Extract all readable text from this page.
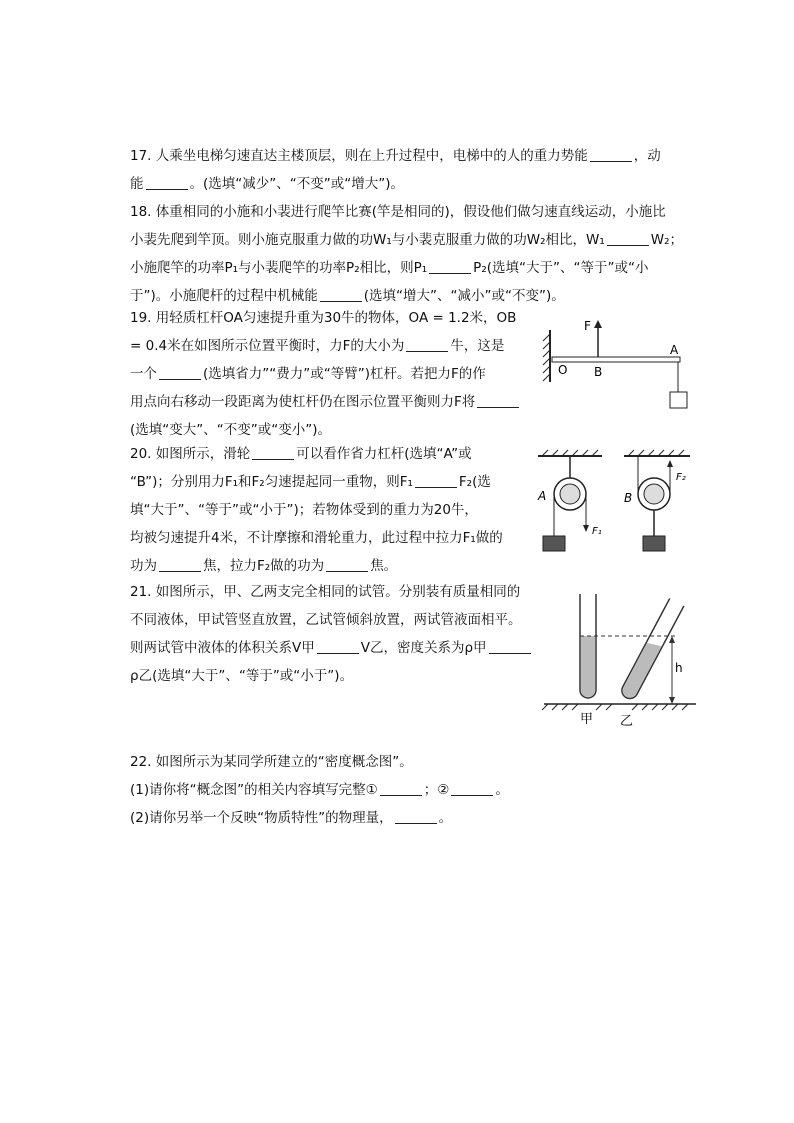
17. 人乘坐电梯匀速直达主楼顶层，则在上升过程中，电梯中的人的重力势能	，动
能	。(选填“减少”、“不变”或“增大”)。
18. 体重相同的小施和小裴进行爬竿比赛(竿是相同的)，假设他们做匀速直线运动，小施比
小裴先爬到竿顶。则小施克服重力做的功W₁与小裴克服重力做的功W₂相比，W₁	W₂；
小施爬竿的功率P₁与小裴爬竿的功率P₂相比，则P₁	P₂(选填“大于”、“等于”或“小
于”)。小施爬杆的过程中机械能	(选填“增大”、“减小”或“不变”)。
19. 用轻质杠杆OA匀速提升重为30牛的物体，OA = 1.2米，OB
= 0.4米在如图所示位置平衡时，力F的大小为	牛，这是
一个	(选填省力”“费力”或“等臂”)杠杆。若把力F的作
用点向右移动一段距离为使杠杆仍在图示位置平衡则力F将
(选填“变大”、“不变”或“变小”)。
F
O B
A
20. 如图所示，滑轮	可以看作省力杠杆(选填“A”或
“B”)；分别用力F₁和F₂匀速提起同一重物，则F₁	F₂(选
填“大于”、“等于”或“小于”)；若物体受到的重力为20牛，
均被匀速提升4米，不计摩擦和滑轮重力，此过程中拉力F₁做的
功为	焦，拉力F₂做的功为	焦。
A
F₁
B
F₂
21. 如图所示，甲、乙两支完全相同的试管。分别装有质量相同的
不同液体，甲试管竖直放置，乙试管倾斜放置，两试管液面相平。
则两试管中液体的体积关系V甲	V乙，密度关系为ρ甲
ρ乙(选填“大于”、“等于”或“小于”)。	h
甲 乙
22. 如图所示为某同学所建立的“密度概念图”。
(1)请你将“概念图”的相关内容填写完整①	；②	。
(2)请你另举一个反映“物质特性”的物理量，	。
